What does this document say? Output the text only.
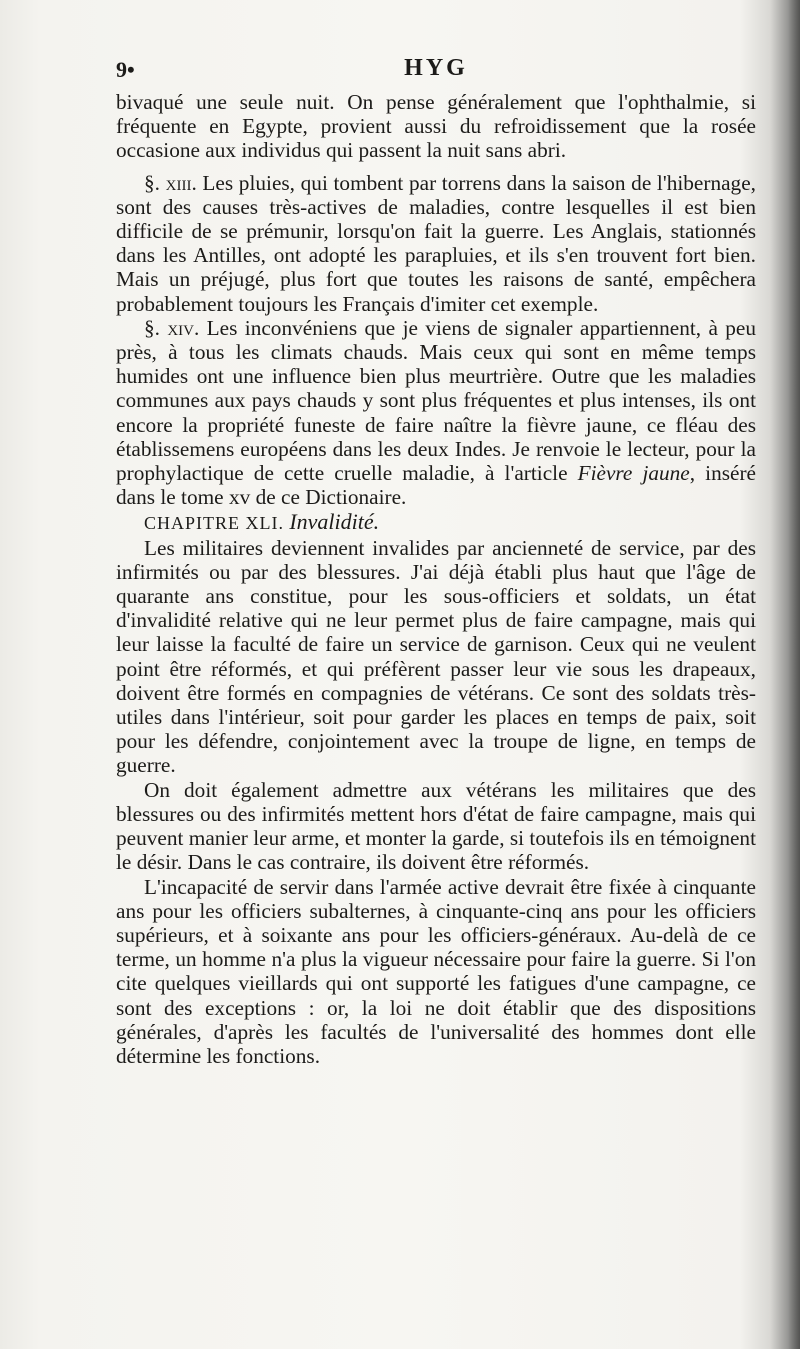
9•	HYG

bivaqué une seule nuit. On pense généralement que l'ophthalmie, si fréquente en Egypte, provient aussi du refroidissement que la rosée occasione aux individus qui passent la nuit sans abri.

§. xiii. Les pluies, qui tombent par torrens dans la saison de l'hibernage, sont des causes très-actives de maladies, contre lesquelles il est bien difficile de se prémunir, lorsqu'on fait la guerre. Les Anglais, stationnés dans les Antilles, ont adopté les parapluies, et ils s'en trouvent fort bien. Mais un préjugé, plus fort que toutes les raisons de santé, empêchera probablement toujours les Français d'imiter cet exemple.

§. xiv. Les inconvéniens que je viens de signaler appartiennent, à peu près, à tous les climats chauds. Mais ceux qui sont en même temps humides ont une influence bien plus meurtrière. Outre que les maladies communes aux pays chauds y sont plus fréquentes et plus intenses, ils ont encore la propriété funeste de faire naître la fièvre jaune, ce fléau des établissemens européens dans les deux Indes. Je renvoie le lecteur, pour la prophylactique de cette cruelle maladie, à l'article Fièvre jaune, inséré dans le tome xv de ce Dictionaire.

CHAPITRE XLI. Invalidité.

Les militaires deviennent invalides par ancienneté de service, par des infirmités ou par des blessures. J'ai déjà établi plus haut que l'âge de quarante ans constitue, pour les sous-officiers et soldats, un état d'invalidité relative qui ne leur permet plus de faire campagne, mais qui leur laisse la faculté de faire un service de garnison. Ceux qui ne veulent point être réformés, et qui préfèrent passer leur vie sous les drapeaux, doivent être formés en compagnies de vétérans. Ce sont des soldats très-utiles dans l'intérieur, soit pour garder les places en temps de paix, soit pour les défendre, conjointement avec la troupe de ligne, en temps de guerre.

On doit également admettre aux vétérans les militaires que des blessures ou des infirmités mettent hors d'état de faire campagne, mais qui peuvent manier leur arme, et monter la garde, si toutefois ils en témoignent le désir. Dans le cas contraire, ils doivent être réformés.

L'incapacité de servir dans l'armée active devrait être fixée à cinquante ans pour les officiers subalternes, à cinquante-cinq ans pour les officiers supérieurs, et à soixante ans pour les officiers-généraux. Au-delà de ce terme, un homme n'a plus la vigueur nécessaire pour faire la guerre. Si l'on cite quelques vieillards qui ont supporté les fatigues d'une campagne, ce sont des exceptions : or, la loi ne doit établir que des dispositions générales, d'après les facultés de l'universalité des hommes dont elle détermine les fonctions.
